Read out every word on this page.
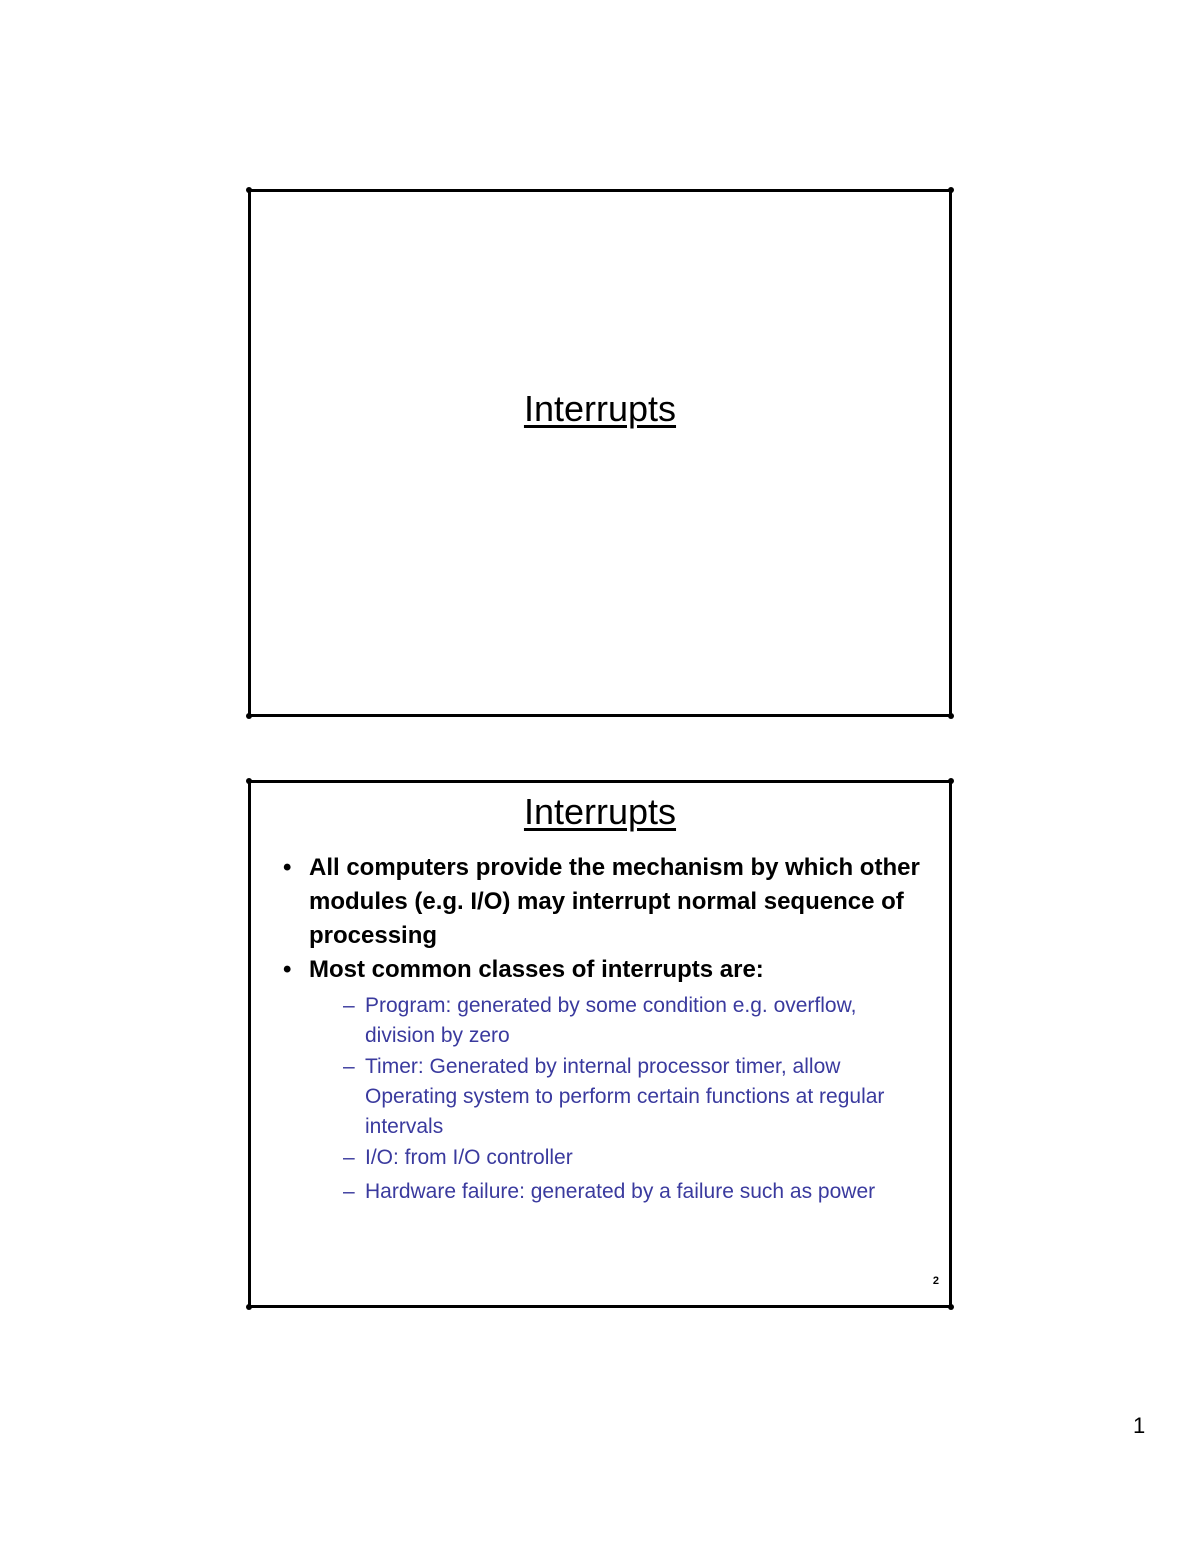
Interrupts
Interrupts
• All computers provide the mechanism by which other modules (e.g. I/O) may interrupt normal sequence of processing
• Most common classes of interrupts are:
– Program: generated by some condition e.g. overflow, division by zero
– Timer: Generated by internal processor timer, allow Operating system to perform certain functions at regular intervals
– I/O: from I/O controller
– Hardware failure: generated by a failure such as power
2
1
